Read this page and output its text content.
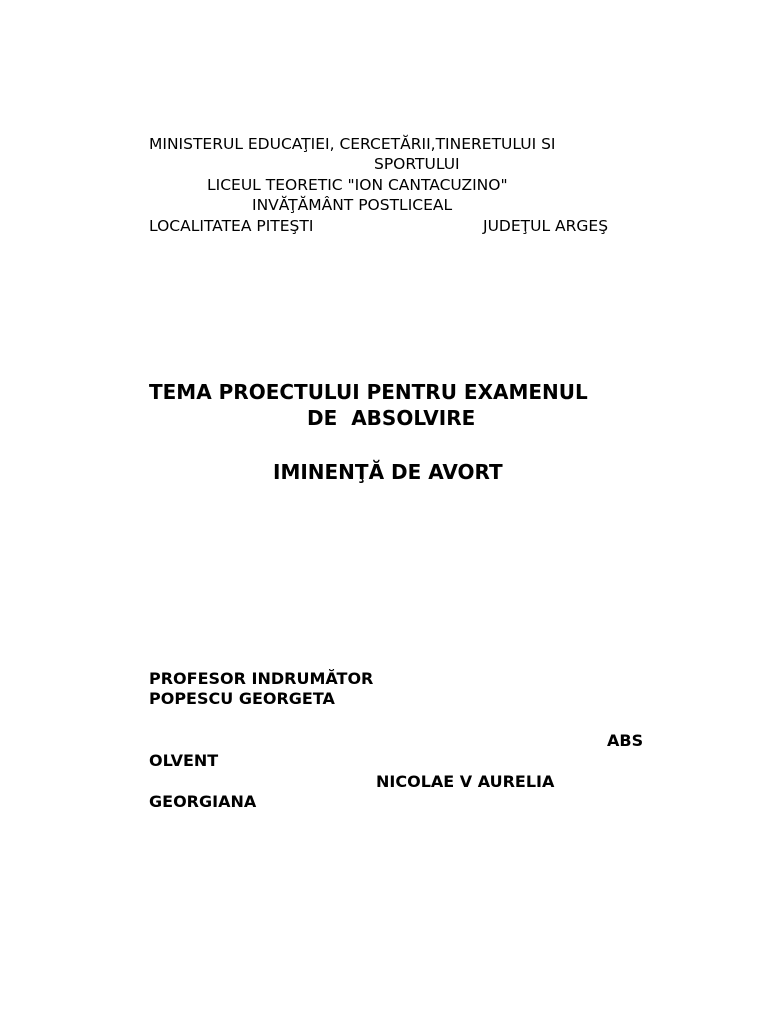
MINISTERUL EDUCAŢIEI, CERCETĂRII,TINERETULUI SI
SPORTULUI
LICEUL TEORETIC "ION CANTACUZINO"
INVĂŢĂMÂNT POSTLICEAL
LOCALITATEA PITEŞTI	JUDEŢUL ARGEŞ
TEMA PROECTULUI PENTRU EXAMENUL
DE  ABSOLVIRE
IMINENŢĂ DE AVORT
PROFESOR INDRUMĂTOR
POPESCU GEORGETA
ABS
OLVENT
NICOLAE V AURELIA
GEORGIANA
